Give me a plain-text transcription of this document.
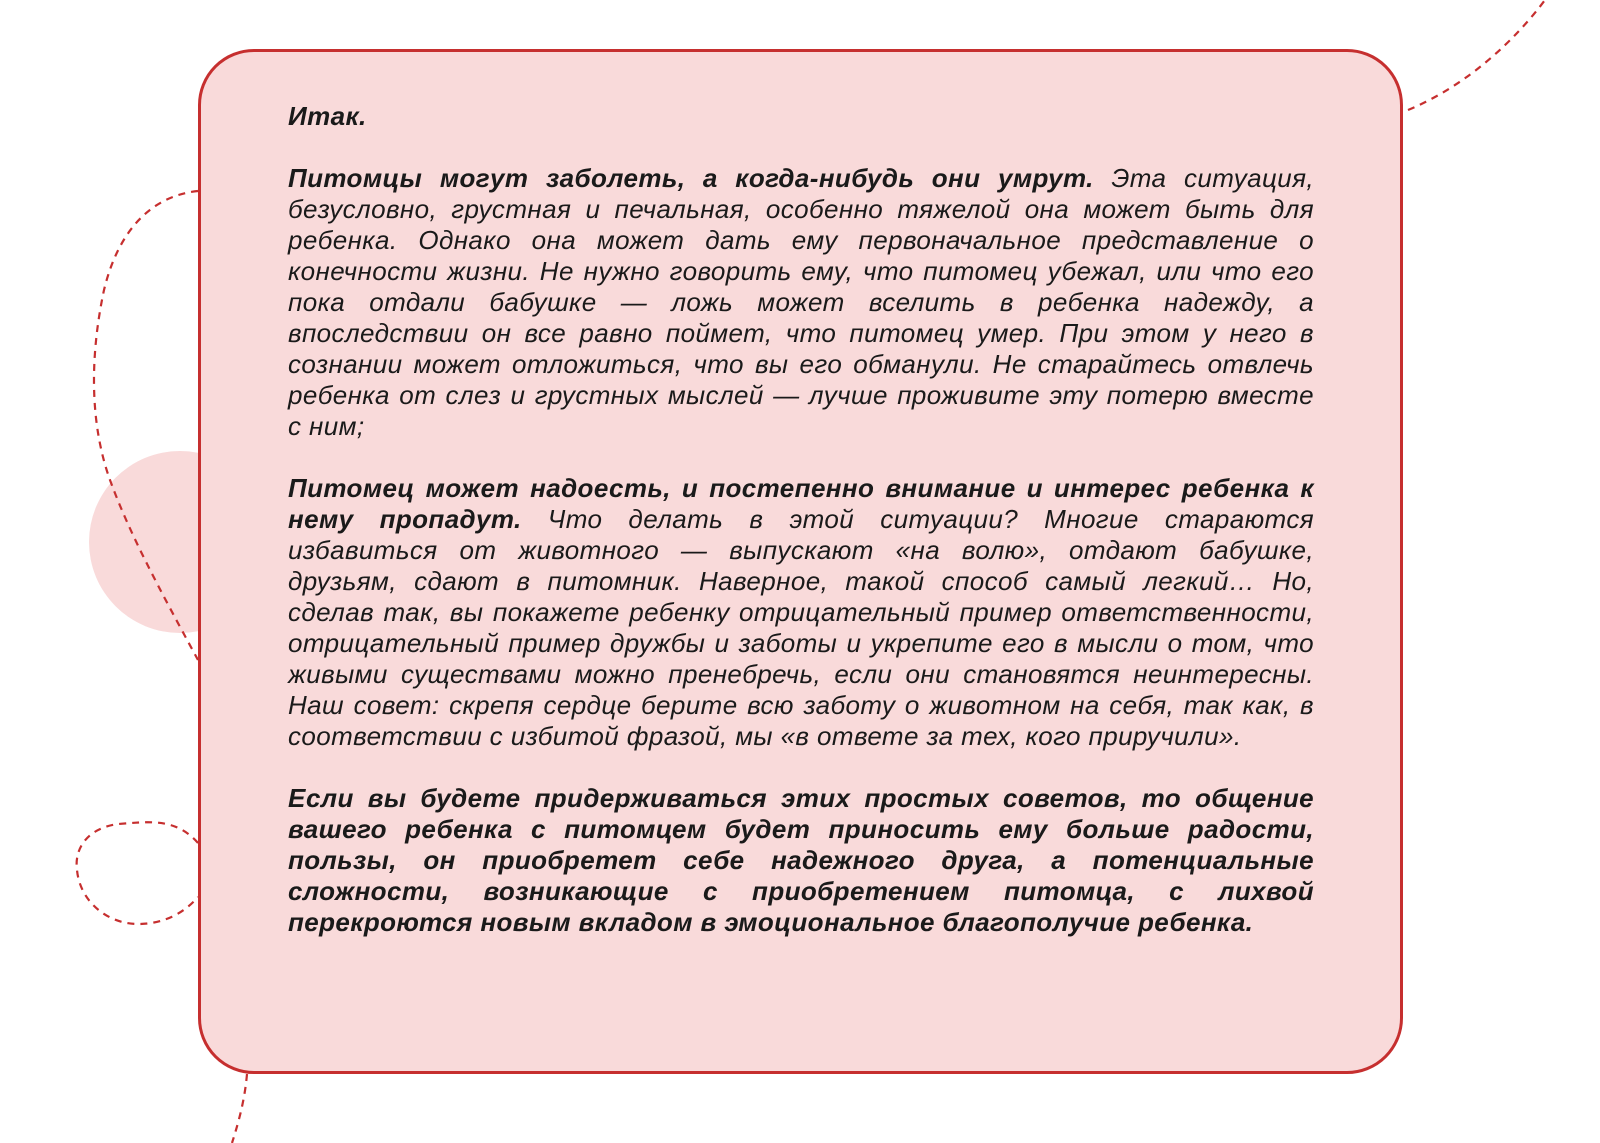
Итак.

Питомцы могут заболеть, а когда-нибудь они умрут. Эта ситуация, безусловно, грустная и печальная, особенно тяжелой она может быть для ребенка. Однако она может дать ему первоначальное представление о конечности жизни. Не нужно говорить ему, что питомец убежал, или что его пока отдали бабушке — ложь может вселить в ребенка надежду, а впоследствии он все равно поймет, что питомец умер. При этом у него в сознании может отложиться, что вы его обманули. Не старайтесь отвлечь ребенка от слез и грустных мыслей — лучше проживите эту потерю вместе с ним;

Питомец может надоесть, и постепенно внимание и интерес ребенка к нему пропадут. Что делать в этой ситуации? Многие стараются избавиться от животного — выпускают «на волю», отдают бабушке, друзьям, сдают в питомник. Наверное, такой способ самый легкий… Но, сделав так, вы покажете ребенку отрицательный пример ответственности, отрицательный пример дружбы и заботы и укрепите его в мысли о том, что живыми существами можно пренебречь, если они становятся неинтересны. Наш совет: скрепя сердце берите всю заботу о животном на себя, так как, в соответствии с избитой фразой, мы «в ответе за тех, кого приручили».

Если вы будете придерживаться этих простых советов, то общение вашего ребенка с питомцем будет приносить ему больше радости, пользы, он приобретет себе надежного друга, а потенциальные сложности, возникающие с приобретением питомца, с лихвой перекроются новым вкладом в эмоциональное благополучие ребенка.
